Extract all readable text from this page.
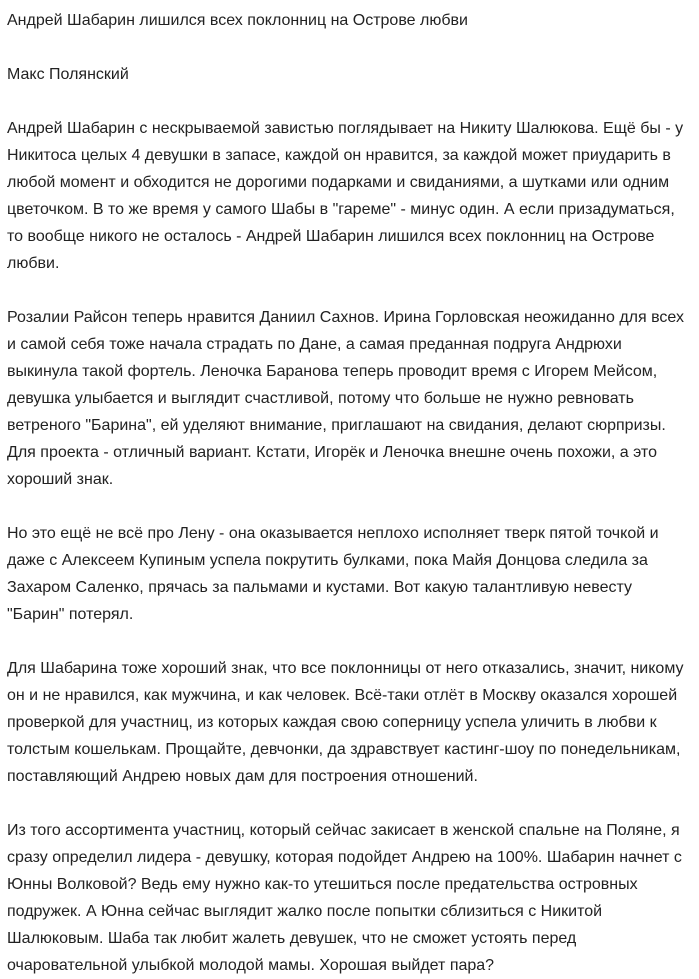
Андрей Шабарин лишился всех поклонниц на Острове любви
Макс Полянский

Андрей Шабарин с нескрываемой завистью поглядывает на Никиту Шалюкова. Ещё бы - у Никитоса целых 4 девушки в запасе, каждой он нравится, за каждой может приударить в любой момент и обходится не дорогими подарками и свиданиями, а шутками или одним цветочком. В то же время у самого Шабы в "гареме" - минус один. А если призадуматься, то вообще никого не осталось - Андрей Шабарин лишился всех поклонниц на Острове любви.

Розалии Райсон теперь нравится Даниил Сахнов. Ирина Горловская неожиданно для всех и самой себя тоже начала страдать по Дане, а самая преданная подруга Андрюхи выкинула такой фортель. Леночка Баранова теперь проводит время с Игорем Мейсом, девушка улыбается и выглядит счастливой, потому что больше не нужно ревновать ветреного "Барина", ей уделяют внимание, приглашают на свидания, делают сюрпризы. Для проекта - отличный вариант. Кстати, Игорёк и Леночка внешне очень похожи, а это хороший знак.

Но это ещё не всё про Лену - она оказывается неплохо исполняет тверк пятой точкой и даже с Алексеем Купиным успела покрутить булками, пока Майя Донцова следила за Захаром Саленко, прячась за пальмами и кустами. Вот какую талантливую невесту "Барин" потерял.

Для Шабарина тоже хороший знак, что все поклонницы от него отказались, значит, никому он и не нравился, как мужчина, и как человек. Всё-таки отлёт в Москву оказался хорошей проверкой для участниц, из которых каждая свою соперницу успела уличить в любви к толстым кошелькам. Прощайте, девчонки, да здравствует кастинг-шоу по понедельникам, поставляющий Андрею новых дам для построения отношений.

Из того ассортимента участниц, который сейчас закисает в женской спальне на Поляне, я сразу определил лидера - девушку, которая подойдет Андрею на 100%. Шабарин начнет с Юнны Волковой? Ведь ему нужно как-то утешиться после предательства островных подружек. А Юнна сейчас выглядит жалко после попытки сблизиться с Никитой Шалюковым. Шаба так любит жалеть девушек, что не сможет устоять перед очаровательной улыбкой молодой мамы. Хорошая выйдет пара?
